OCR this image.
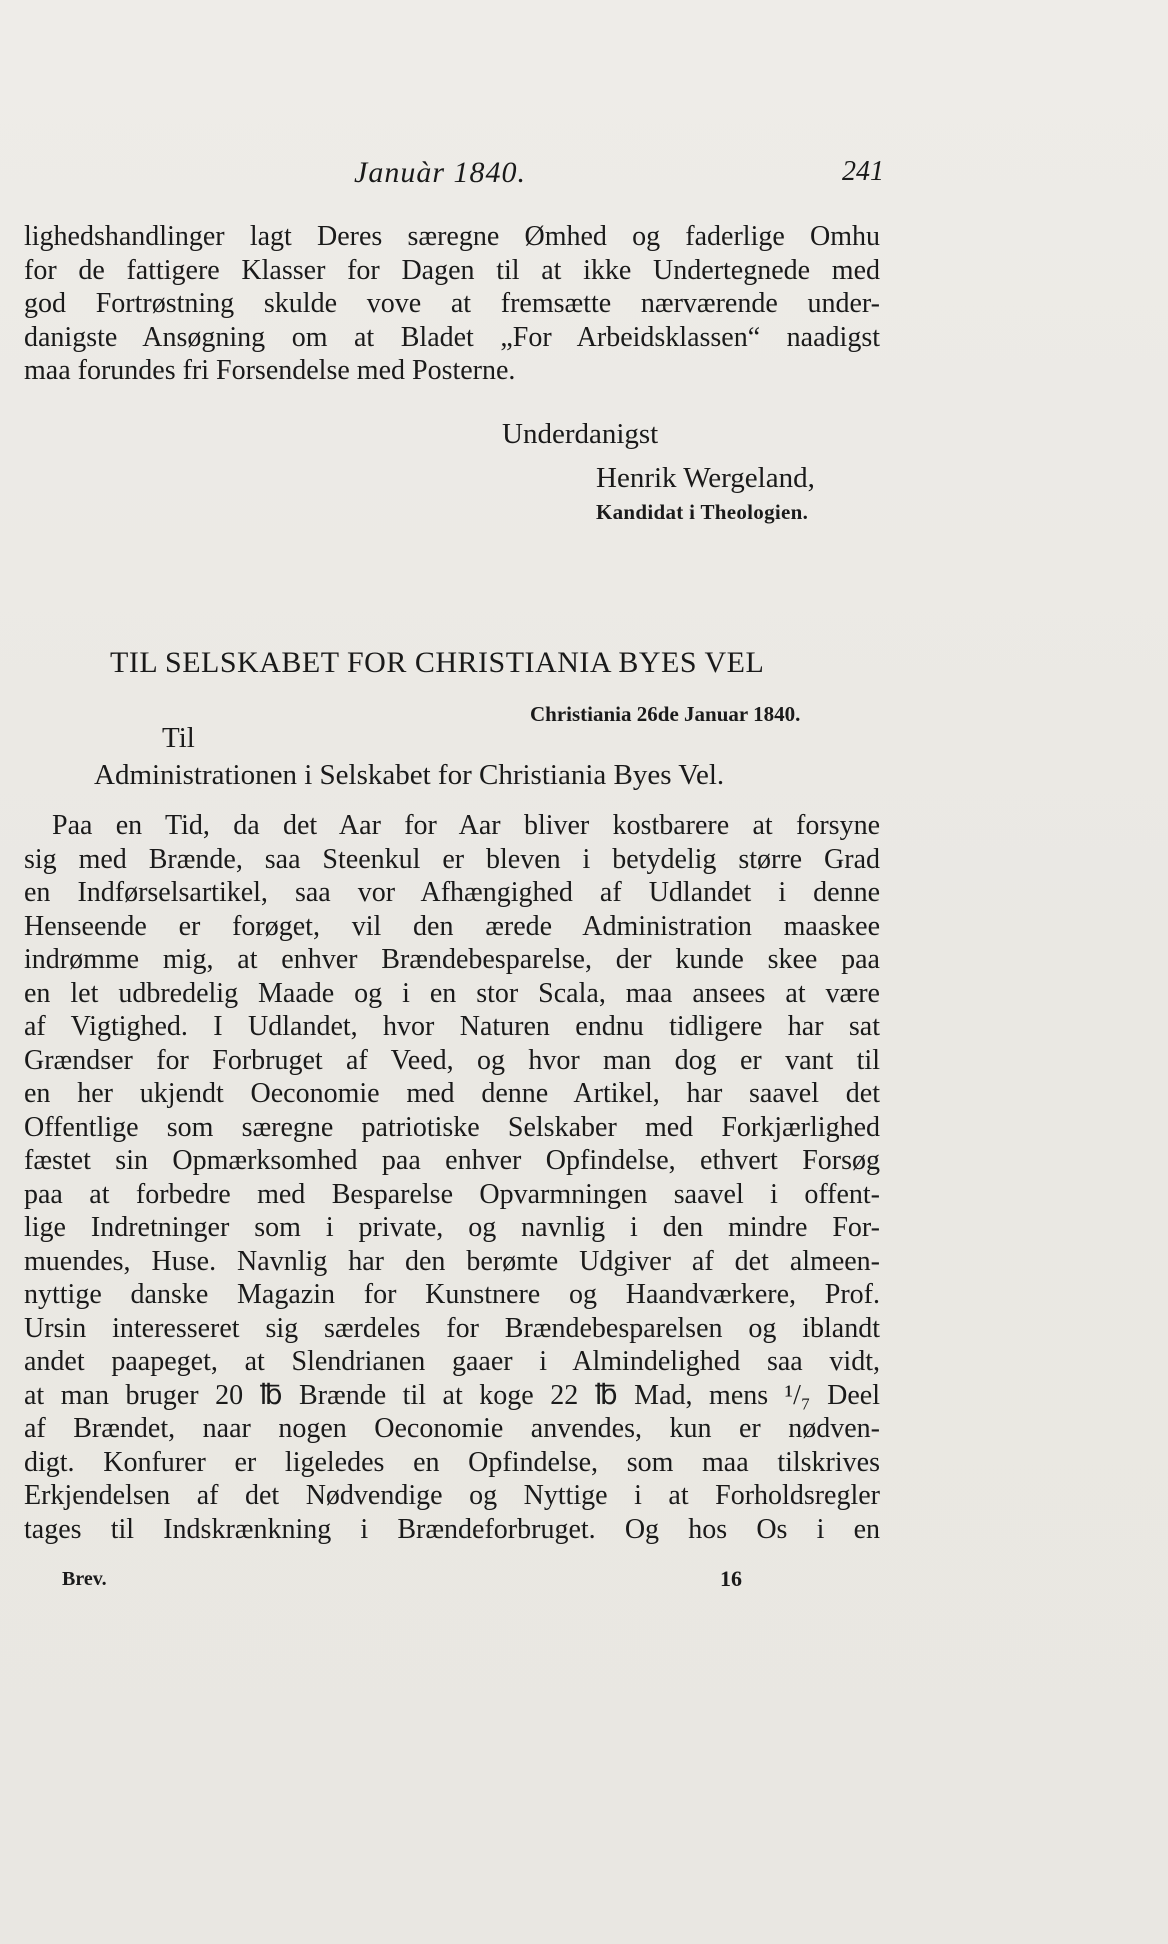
Januàr 1840.	241
lighedshandlinger lagt Deres særegne Ømhed og faderlige Omhu
for de fattigere Klasser for Dagen til at ikke Undertegnede med
god Fortrøstning skulde vove at fremsætte nærværende under-
danigste Ansøgning om at Bladet „For Arbeidsklassen“ naadigst
maa forundes fri Forsendelse med Posterne.
Underdanigst
Henrik Wergeland,
Kandidat i Theologien.
TIL SELSKABET FOR CHRISTIANIA BYES VEL
Christiania 26de Januar 1840.
Til
Administrationen i Selskabet for Christiania Byes Vel.
Paa en Tid, da det Aar for Aar bliver kostbarere at forsyne
sig med Brænde, saa Steenkul er bleven i betydelig større Grad
en Indførselsartikel, saa vor Afhængighed af Udlandet i denne
Henseende er forøget, vil den ærede Administration maaskee
indrømme mig, at enhver Brændebesparelse, der kunde skee paa
en let udbredelig Maade og i en stor Scala, maa ansees at være
af Vigtighed. I Udlandet, hvor Naturen endnu tidligere har sat
Grændser for Forbruget af Veed, og hvor man dog er vant til
en her ukjendt Oeconomie med denne Artikel, har saavel det
Offentlige som særegne patriotiske Selskaber med Forkjærlighed
fæstet sin Opmærksomhed paa enhver Opfindelse, ethvert Forsøg
paa at forbedre med Besparelse Opvarmningen saavel i offent-
lige Indretninger som i private, og navnlig i den mindre For-
muendes, Huse. Navnlig har den berømte Udgiver af det almeen-
nyttige danske Magazin for Kunstnere og Haandværkere, Prof.
Ursin interesseret sig særdeles for Brændebesparelsen og iblandt
andet paapeget, at Slendrianen gaaer i Almindelighed saa vidt,
at man bruger 20 ℔ Brænde til at koge 22 ℔ Mad, mens ¹/₇ Deel
af Brændet, naar nogen Oeconomie anvendes, kun er nødven-
digt. Konfurer er ligeledes en Opfindelse, som maa tilskrives
Erkjendelsen af det Nødvendige og Nyttige i at Forholdsregler
tages til Indskrænkning i Brændeforbruget. Og hos Os i en
Brev.	16
